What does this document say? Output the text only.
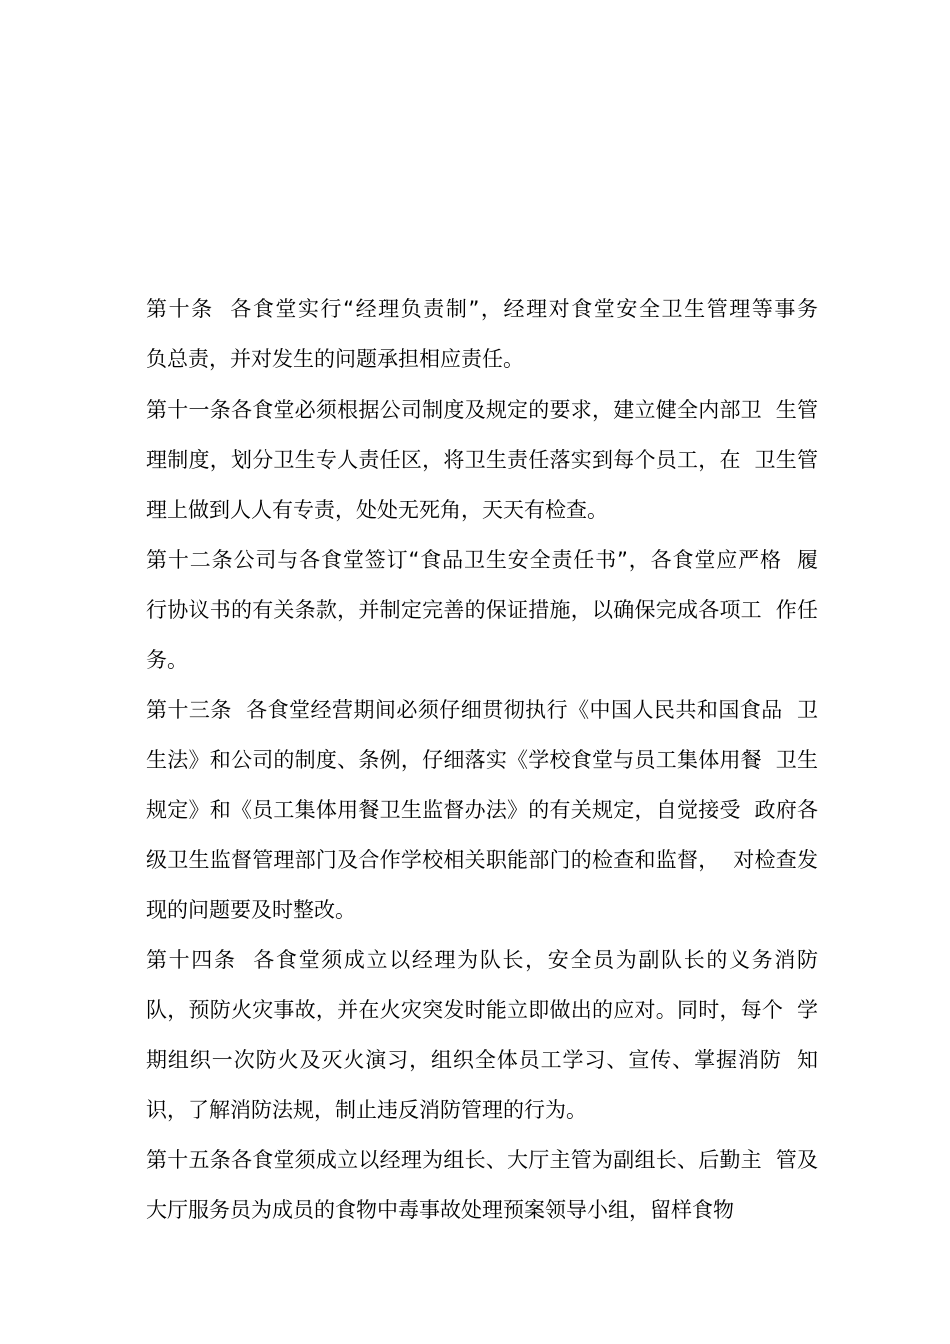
第十条  各食堂实行“经理负责制”，经理对食堂安全卫生管理等事务

负总责，并对发生的问题承担相应责任。

第十一条各食堂必须根据公司制度及规定的要求，建立健全内部卫  生管

理制度，划分卫生专人责任区，将卫生责任落实到每个员工，在  卫生管

理上做到人人有专责，处处无死角，天天有检查。

第十二条公司与各食堂签订“食品卫生安全责任书”，各食堂应严格  履

行协议书的有关条款，并制定完善的保证措施，以确保完成各项工  作任

务。

第十三条  各食堂经营期间必须仔细贯彻执行《中国人民共和国食品  卫

生法》和公司的制度、条例，仔细落实《学校食堂与员工集体用餐  卫生

规定》和《员工集体用餐卫生监督办法》的有关规定，自觉接受  政府各

级卫生监督管理部门及合作学校相关职能部门的检查和监督，  对检查发

现的问题要及时整改。

第十四条  各食堂须成立以经理为队长，安全员为副队长的义务消防

队，预防火灾事故，并在火灾突发时能立即做出的应对。同时，每个  学

期组织一次防火及灭火演习，组织全体员工学习、宣传、掌握消防  知

识，了解消防法规，制止违反消防管理的行为。

第十五条各食堂须成立以经理为组长、大厅主管为副组长、后勤主  管及

大厅服务员为成员的食物中毒事故处理预案领导小组，留样食物
